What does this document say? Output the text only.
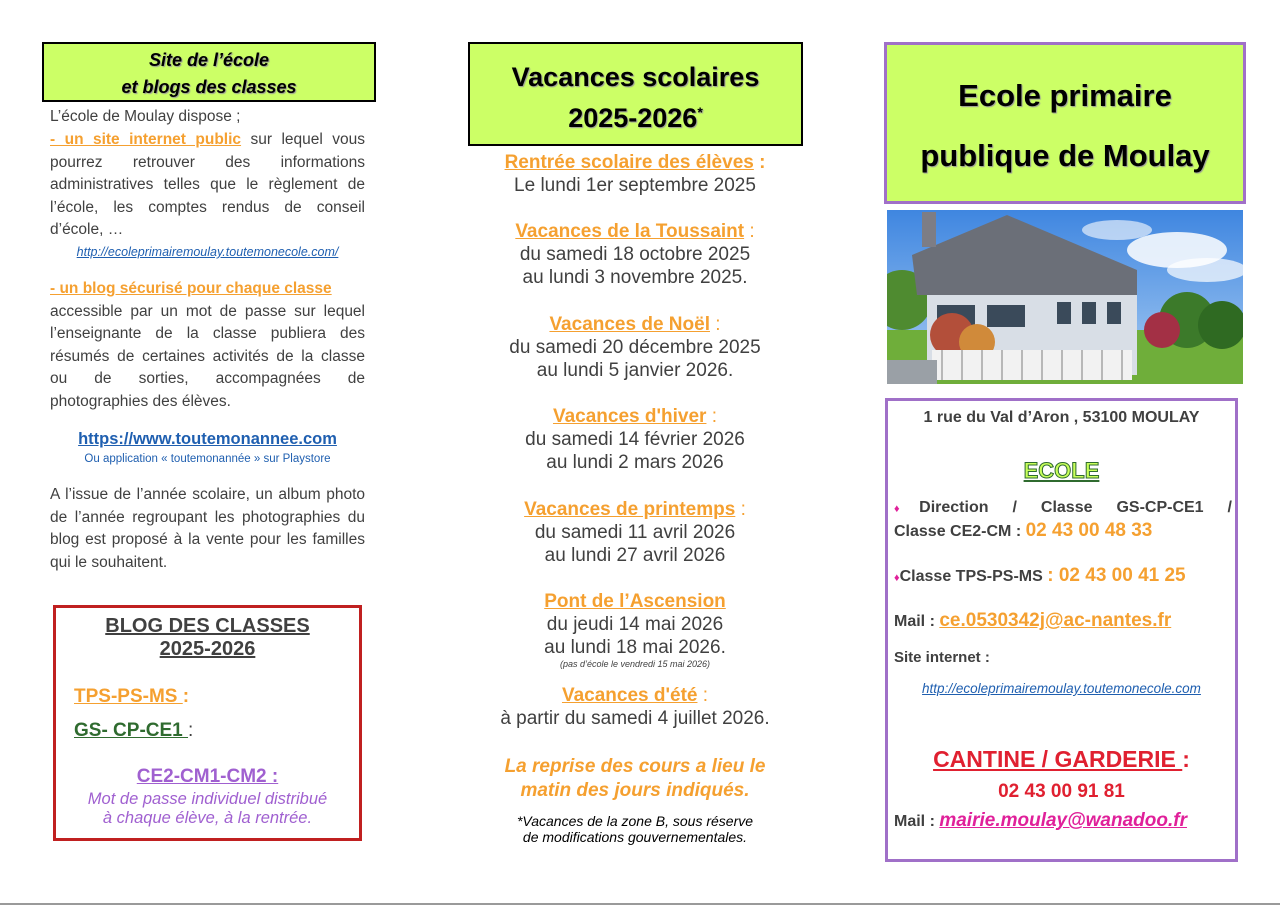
Site de l’école
et blogs des classes
L’école de Moulay dispose ;
- un site internet public sur lequel vous pourrez retrouver des informations administratives telles que le règlement de l’école, les comptes rendus de conseil d’école, …
http://ecoleprimairemoulay.toutemonecole.com/
- un blog sécurisé pour chaque classe
accessible par un mot de passe sur lequel l’enseignante de la classe publiera des résumés de certaines activités de la classe ou de sorties, accompagnées de photographies des élèves.
https://www.toutemonannee.com
Ou application « toutemonannée » sur Playstore
A l’issue de l’année scolaire, un album photo de l’année regroupant les photographies du blog est proposé à la vente pour les familles qui le souhaitent.
BLOG DES CLASSES
2025-2026
TPS-PS-MS :
GS- CP-CE1 :
CE2-CM1-CM2 :
Mot de passe individuel distribué
à chaque élève, à la rentrée.
Vacances scolaires
2025-2026*
Rentrée scolaire des élèves :
Le lundi 1er septembre 2025
Vacances de la Toussaint :
du samedi 18 octobre 2025
au lundi 3 novembre 2025.
Vacances de Noël :
du samedi 20 décembre 2025
au lundi 5 janvier 2026.
Vacances d'hiver :
du samedi 14 février 2026
au lundi 2 mars 2026
Vacances de printemps :
du samedi 11 avril 2026
au lundi 27 avril 2026
Pont de l’Ascension
du jeudi 14 mai 2026
au lundi 18 mai 2026.
(pas d’école le vendredi 15 mai 2026)
Vacances d'été :
à partir du samedi 4 juillet 2026.
La reprise des cours a lieu le
matin des jours indiqués.
*Vacances de la zone B, sous réserve
de modifications gouvernementales.
Ecole primaire
publique de Moulay
1 rue du Val d’Aron , 53100 MOULAY
ECOLE
♦Direction / Classe GS-CP-CE1 /
Classe CE2-CM : 02 43 00 48 33
♦Classe TPS-PS-MS : 02 43 00 41 25
Mail : ce.0530342j@ac-nantes.fr
Site internet :
http://ecoleprimairemoulay.toutemonecole.com
CANTINE / GARDERIE :
02 43 00 91 81
Mail : mairie.moulay@wanadoo.fr
